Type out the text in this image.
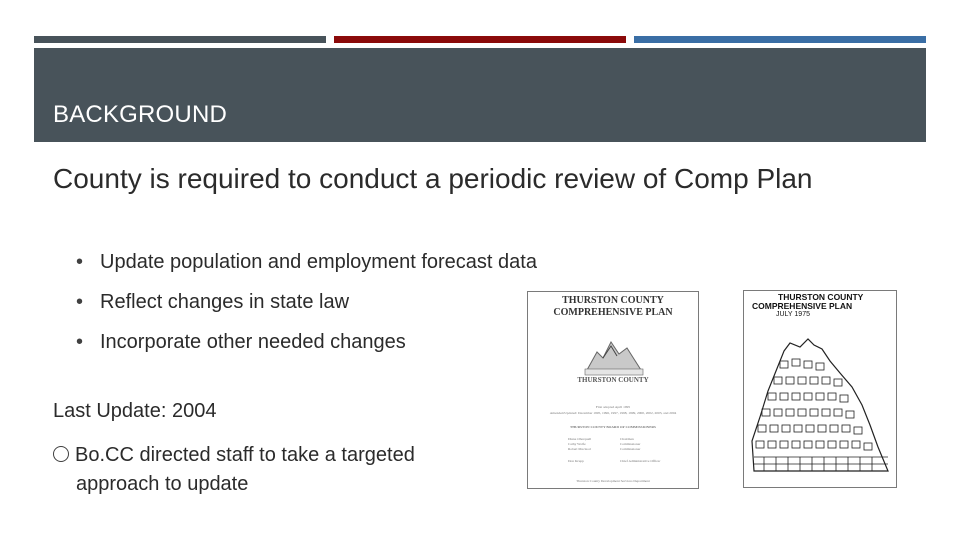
BACKGROUND
County is required to conduct a periodic review of Comp Plan
• Update population and employment forecast data
• Reflect changes in state law
• Incorporate other needed changes
Last Update: 2004
Bo.CC directed staff to take a targeted
approach to update
THURSTON COUNTY
COMPREHENSIVE PLAN
THURSTON COUNTY
First adopted April 1995
Amended/Updated: December 1995, 1996, 1997, 1998, 1999, 2000, 2002, 2003, and 2004
THURSTON COUNTY BOARD OF COMMISSIONERS
Diane Oberquell
Cathy Wolfe
Robert Macleod
Chairman
Commissioner
Commissioner
Don Krupp	Chief Administrative Officer
Thurston County Development Services Department
THURSTON COUNTY
COMPREHENSIVE PLAN
JULY 1975
